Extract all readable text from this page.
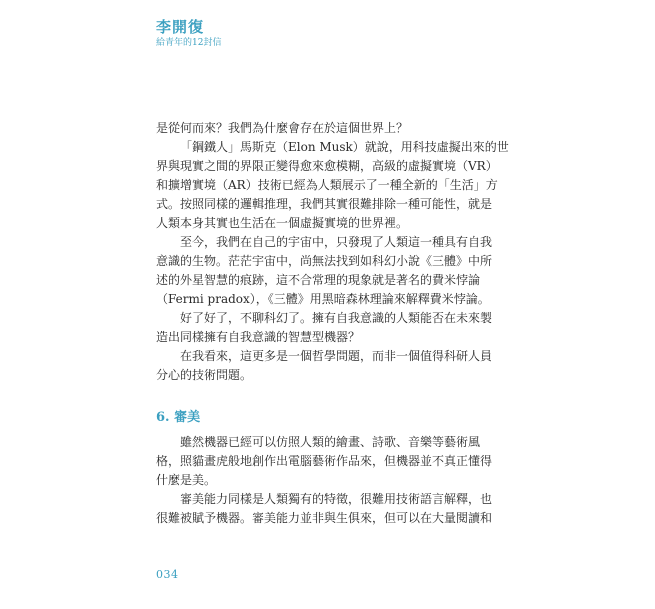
李開復
給青年的12封信
是從何而來？我們為什麼會存在於這個世界上？
「鋼鐵人」馬斯克（Elon Musk）就說，用科技虛擬出來的世
界與現實之間的界限正變得愈來愈模糊，高級的虛擬實境（VR）
和擴增實境（AR）技術已經為人類展示了一種全新的「生活」方
式。按照同樣的邏輯推理，我們其實很難排除一種可能性，就是
人類本身其實也生活在一個虛擬實境的世界裡。
至今，我們在自己的宇宙中，只發現了人類這一種具有自我
意識的生物。茫茫宇宙中，尚無法找到如科幻小說《三體》中所
述的外星智慧的痕跡，這不合常理的現象就是著名的費米悖論
（Fermi pradox），《三體》用黑暗森林理論來解釋費米悖論。
好了好了，不聊科幻了。擁有自我意識的人類能否在未來製
造出同樣擁有自我意識的智慧型機器？
在我看來，這更多是一個哲學問題，而非一個值得科研人員
分心的技術問題。
6. 審美
雖然機器已經可以仿照人類的繪畫、詩歌、音樂等藝術風
格，照貓畫虎般地創作出電腦藝術作品來，但機器並不真正懂得
什麼是美。
審美能力同樣是人類獨有的特徵，很難用技術語言解釋，也
很難被賦予機器。審美能力並非與生俱來，但可以在大量閱讀和
034
